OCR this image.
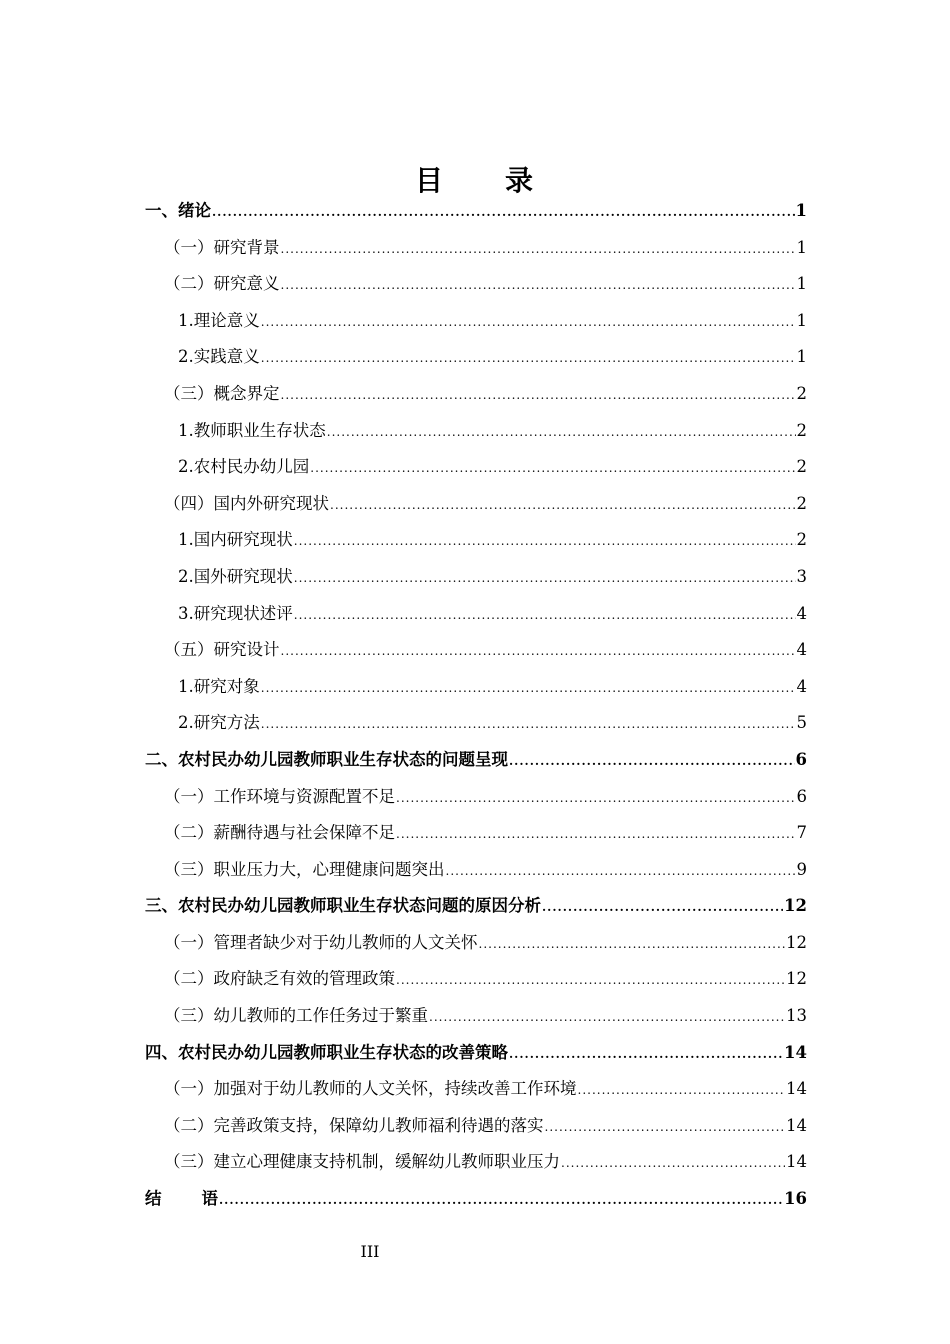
目　　录
一、绪论 .....	1
（一）研究背景 .....	1
（二）研究意义 .....	1
1.理论意义 .....	1
2.实践意义 .....	1
（三）概念界定 .....	2
1.教师职业生存状态 .....	2
2.农村民办幼儿园 .....	2
（四）国内外研究现状 .....	2
1.国内研究现状 .....	2
2.国外研究现状 .....	3
3.研究现状述评 .....	4
（五）研究设计 .....	4
1.研究对象 .....	4
2.研究方法 .....	5
二、农村民办幼儿园教师职业生存状态的问题呈现 .....	6
（一）工作环境与资源配置不足 .....	6
（二）薪酬待遇与社会保障不足 .....	7
（三）职业压力大，心理健康问题突出 .....	9
三、农村民办幼儿园教师职业生存状态问题的原因分析 .....	12
（一）管理者缺少对于幼儿教师的人文关怀 .....	12
（二）政府缺乏有效的管理政策 .....	12
（三）幼儿教师的工作任务过于繁重 .....	13
四、农村民办幼儿园教师职业生存状态的改善策略 .....	14
（一）加强对于幼儿教师的人文关怀，持续改善工作环境 .....	14
（二）完善政策支持，保障幼儿教师福利待遇的落实 .....	14
（三）建立心理健康支持机制，缓解幼儿教师职业压力 .....	14
结语 .....	16
III
